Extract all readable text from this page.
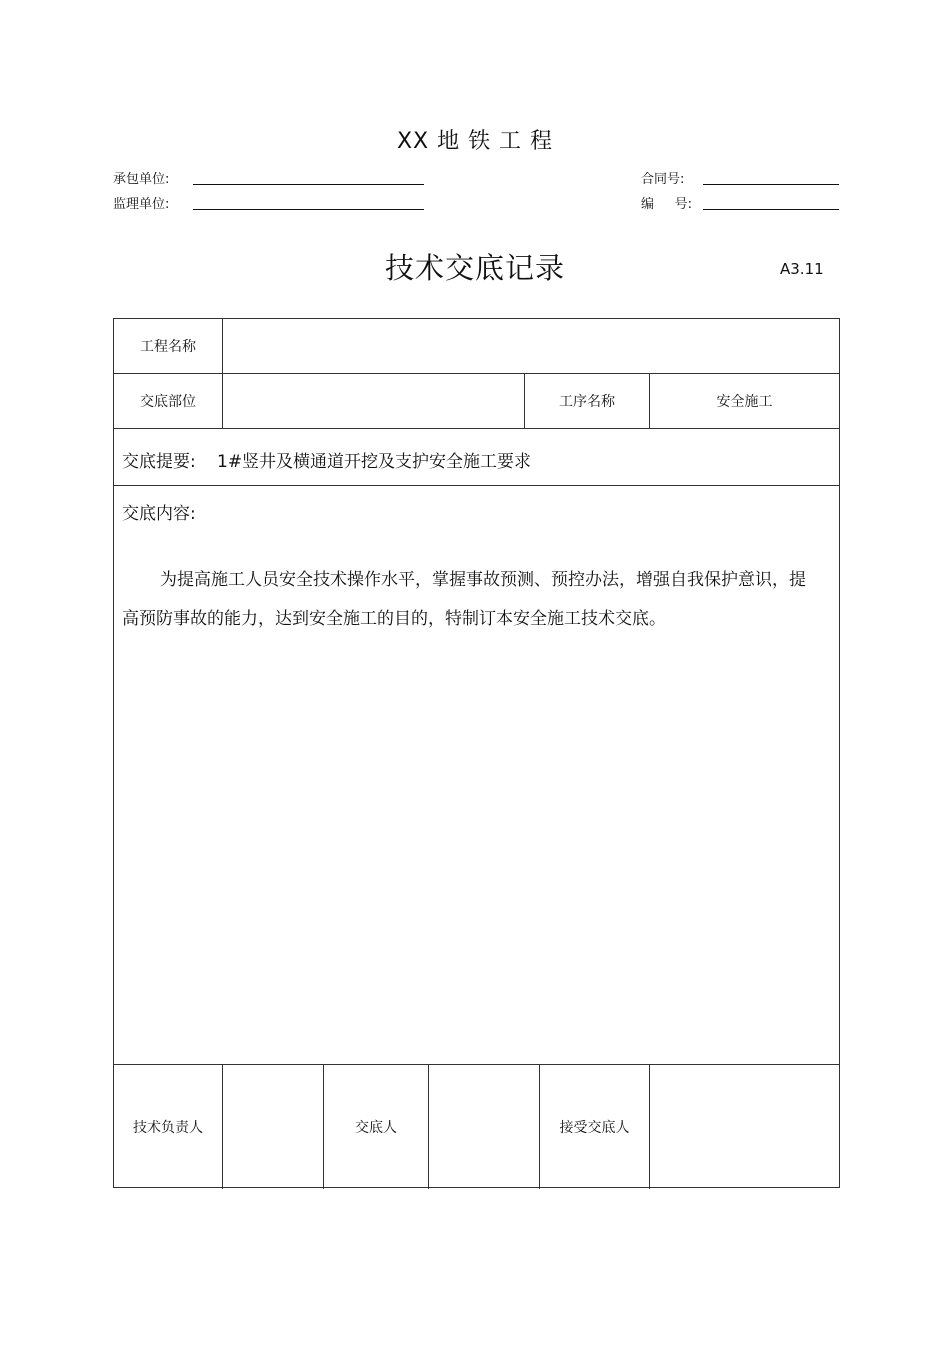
XX 地 铁 工 程
承包单位:
监理单位:
合同号:
编     号:
技术交底记录	A3.11
工程名称
交底部位	工序名称	安全施工
交底提要: 1#竖井及横通道开挖及支护安全施工要求
交底内容:
为提高施工人员安全技术操作水平，掌握事故预测、预控办法，增强自我保护意识，提高预防事故的能力，达到安全施工的目的，特制订本安全施工技术交底。
技术负责人	交底人	接受交底人
